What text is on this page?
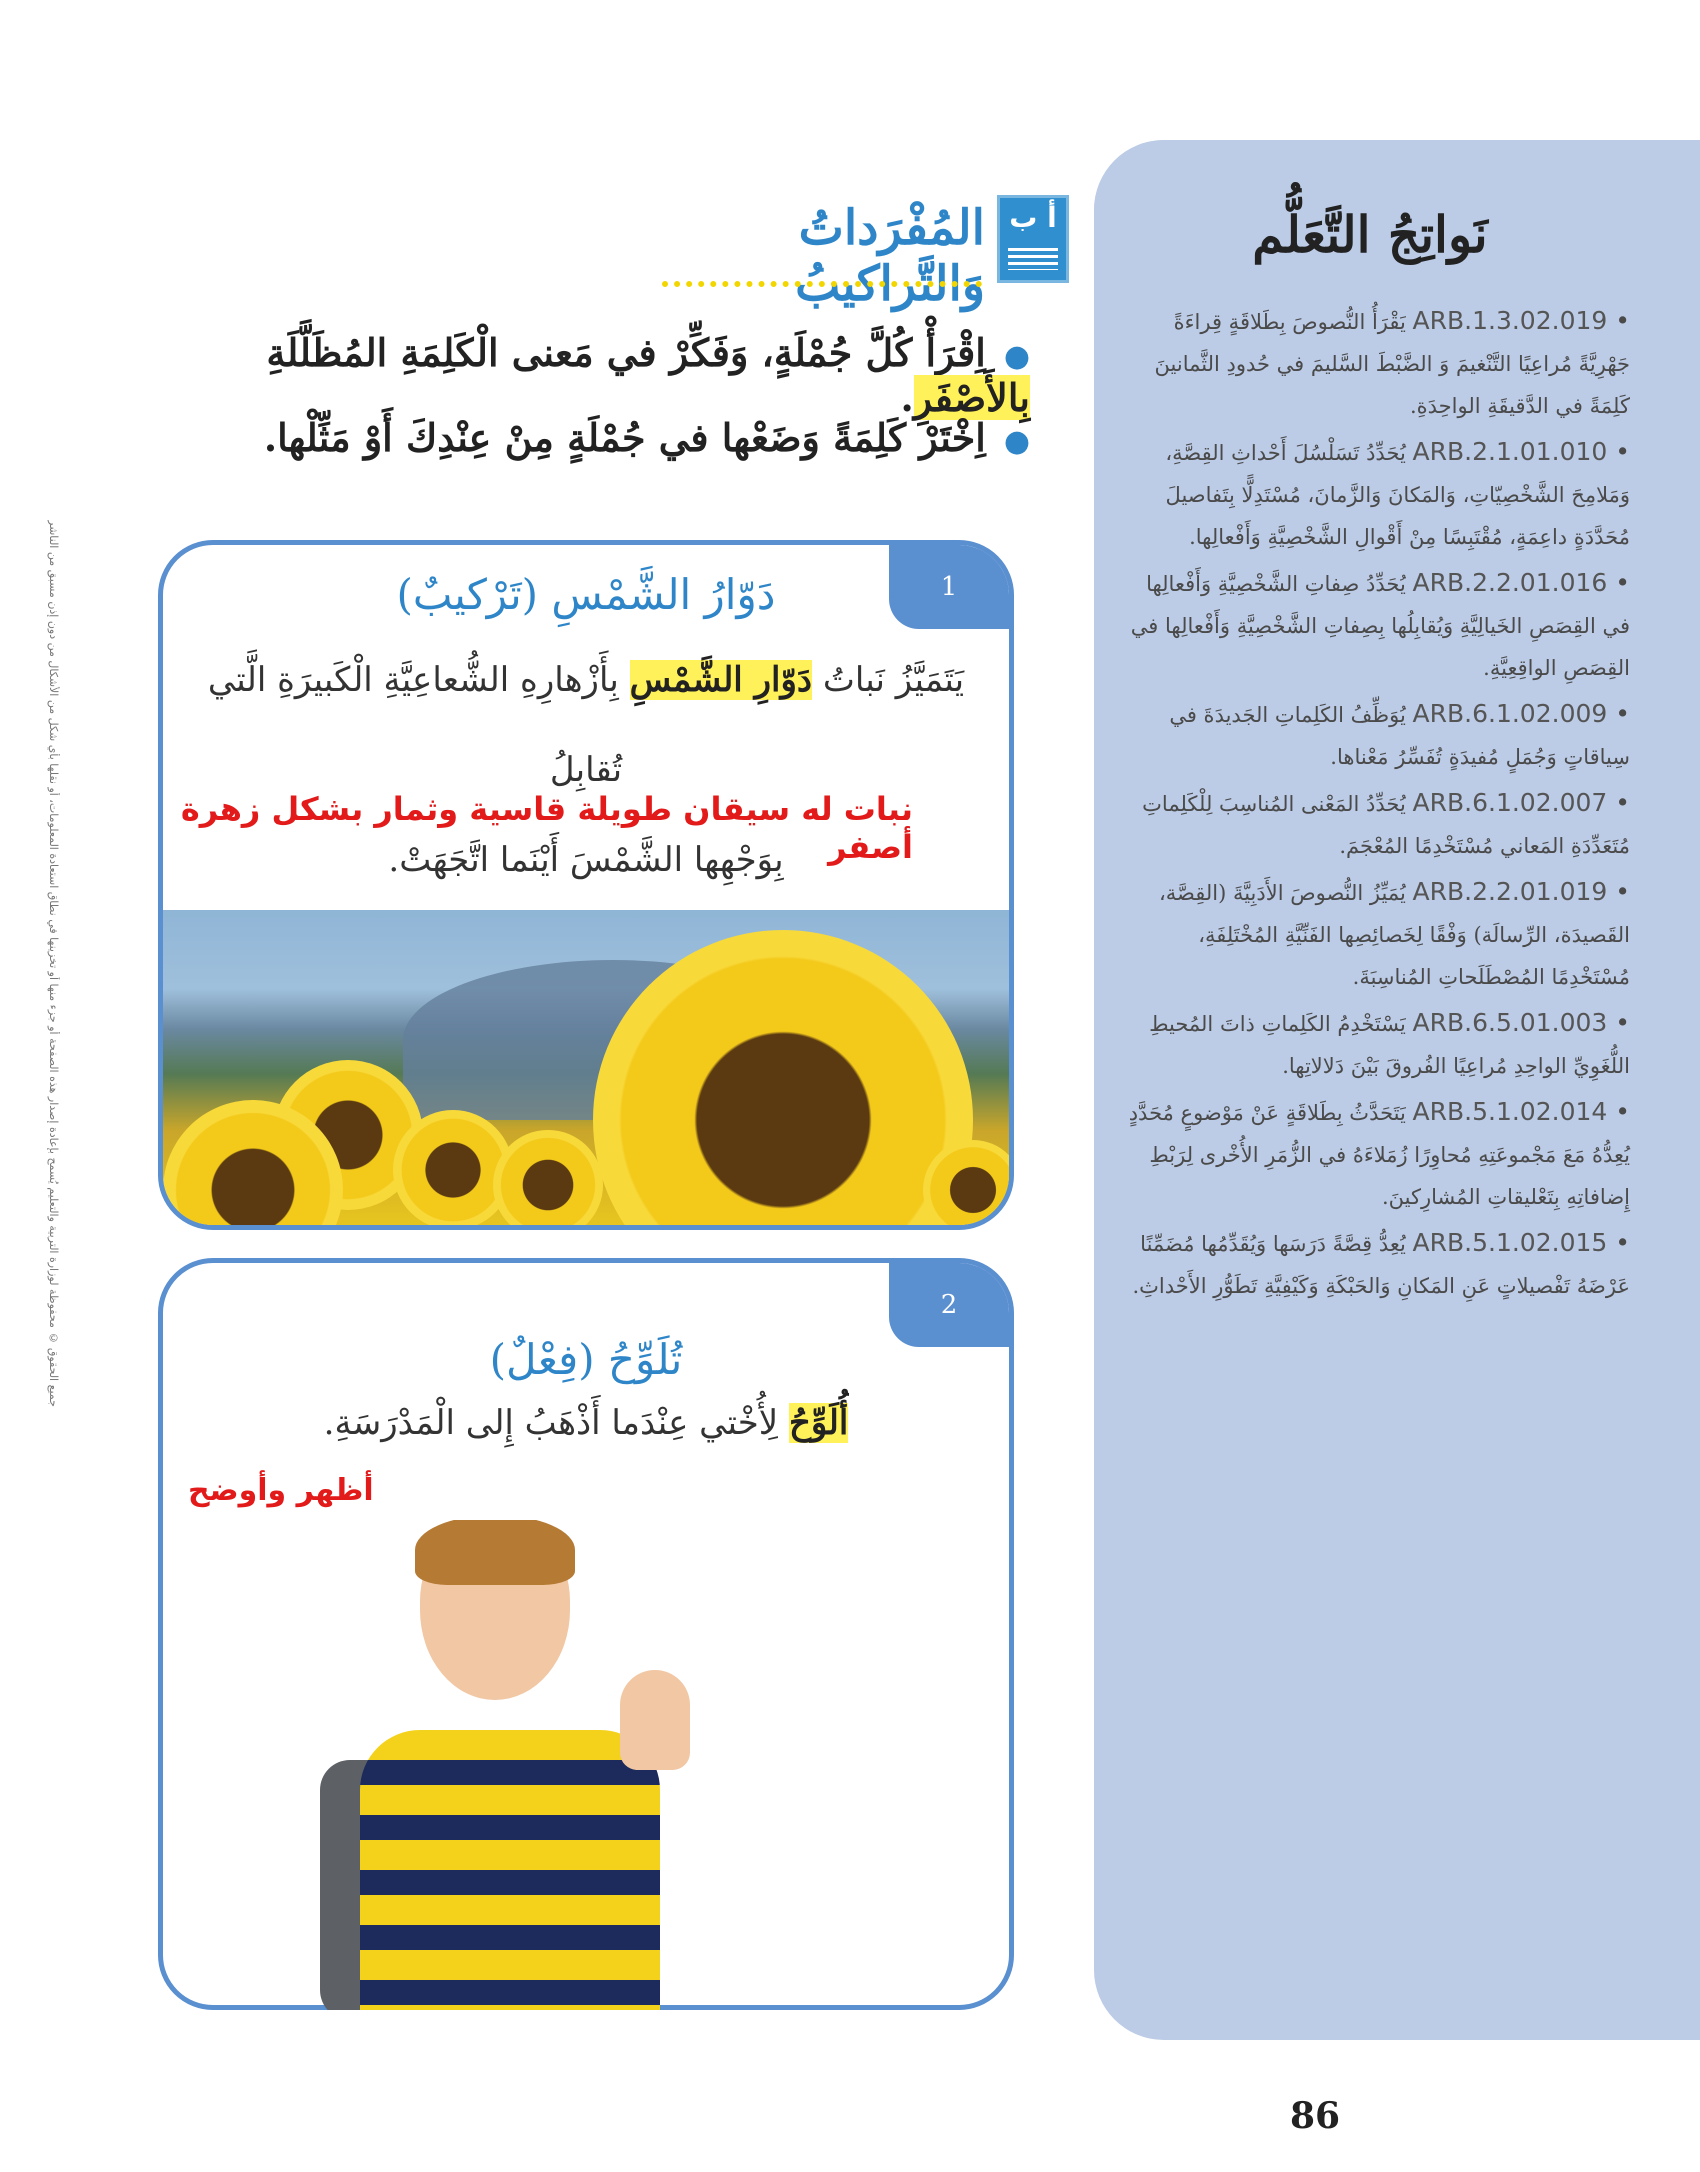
نَواتِجُ التَّعَلُّم
• ARB.1.3.02.019 يَقْرَأُ النُّصوصَ بِطَلاقَةٍ قِراءَةً جَهْرِيَّةً مُراعِيًا التَّنْغيمَ وَ الضَّبْطَ السَّليمَ في حُدودِ الثَّمانينَ كَلِمَةً في الدَّقيقَةِ الواحِدَةِ.
• ARB.2.1.01.010 يُحَدِّدُ تَسَلْسُلَ أَحْداثِ القِصَّةِ، وَمَلامِحَ الشَّخْصِيّاتِ، وَالمَكانَ وَالزَّمانَ، مُسْتَدِلًّا بِتَفاصيلَ مُحَدَّدَةٍ داعِمَةٍ، مُقْتَبِسًا مِنْ أَقْوالِ الشَّخْصِيَّةِ وَأَفْعالِها.
• ARB.2.2.01.016 يُحَدِّدُ صِفاتِ الشَّخْصِيَّةِ وَأَفْعالِها في القِصَصِ الخَيالِيَّةِ وَيُقابِلُها بِصِفاتِ الشَّخْصِيَّةِ وَأَفْعالِها في القِصَصِ الواقِعِيَّةِ.
• ARB.6.1.02.009 يُوَظِّفُ الكَلِماتِ الجَديدَةَ في سِياقاتٍ وَجُمَلٍ مُفيدَةٍ تُفَسِّرُ مَعْناها.
• ARB.6.1.02.007 يُحَدِّدُ المَعْنى المُناسِبَ لِلْكَلِماتِ مُتَعَدِّدَةِ المَعاني مُسْتَخْدِمًا المُعْجَمَ.
• ARB.2.2.01.019 يُمَيِّزُ النُّصوصَ الأَدَبِيَّةَ (القِصَّة، القَصيدَة، الرِّسالَة) وَفْقًا لِخَصائِصِها الفَنِّيَّةِ المُخْتَلِفَةِ، مُسْتَخْدِمًا المُصْطَلَحاتِ المُناسِبَةَ.
• ARB.6.5.01.003 يَسْتَخْدِمُ الكَلِماتِ ذاتَ المُحيطِ اللُّغَوِيِّ الواحِدِ مُراعِيًا الفُروقَ بَيْنَ دَلالاتِها.
• ARB.5.1.02.014 يَتَحَدَّثُ بِطَلاقَةٍ عَنْ مَوْضوعٍ مُحَدَّدٍ يُعِدُّهُ مَعَ مَجْموعَتِهِ مُحاوِرًا زُمَلاءَهُ في الزُّمَرِ الأُخْرى لِرَبْطِ إِضافاتِهِ بِتَعْليقاتِ المُشارِكينَ.
• ARB.5.1.02.015 يُعِدُّ قِصَّةً دَرَسَها وَيُقَدِّمُها مُضَمِّنًا عَرْضَهُ تَفْصيلاتٍ عَنِ المَكانِ وَالحَبْكَةِ وَكَيْفِيَّةِ تَطَوُّرِ الأَحْداثِ.
جميع الحقوق © محفوظة لوزارة التربية والتعليم يُسمح بإعادة إصدار هذه الصفحة أو جزء منها أو تخزينها في نطاق استعادة المعلومات، أو نقلها بأي شكل من الأشكال من دون إذن مسبق من الناشر
أ ب
المُفْرَداتُ وَالتَّراكيبُ
●اِقْرَأْ كُلَّ جُمْلَةٍ، وَفَكِّرْ في مَعنى الْكَلِمَةِ المُظَلَّلَةِ بِالأَصْفَرِ.
●اِخْتَرْ كَلِمَةً وَضَعْها في جُمْلَةٍ مِنْ عِنْدِكَ أَوْ مَثِّلْها.
1
دَوّارُ الشَّمْسِ (تَرْكيبٌ)
يَتَمَيَّزُ نَباتُ دَوّارِ الشَّمْسِ بِأَزْهارِهِ الشُّعاعِيَّةِ الْكَبيرَةِ الَّتي تُقابِلُ
بِوَجْهِها الشَّمْسَ أَيْنَما اتَّجَهَتْ.
نبات له سيقان طويلة قاسية وثمار بشكل زهرة أصفر
2
تُلَوِّحُ (فِعْلٌ)
أُلَوِّحُ لِأُخْتي عِنْدَما أَذْهَبُ إِلى الْمَدْرَسَةِ.
أظهر وأوضح
86
